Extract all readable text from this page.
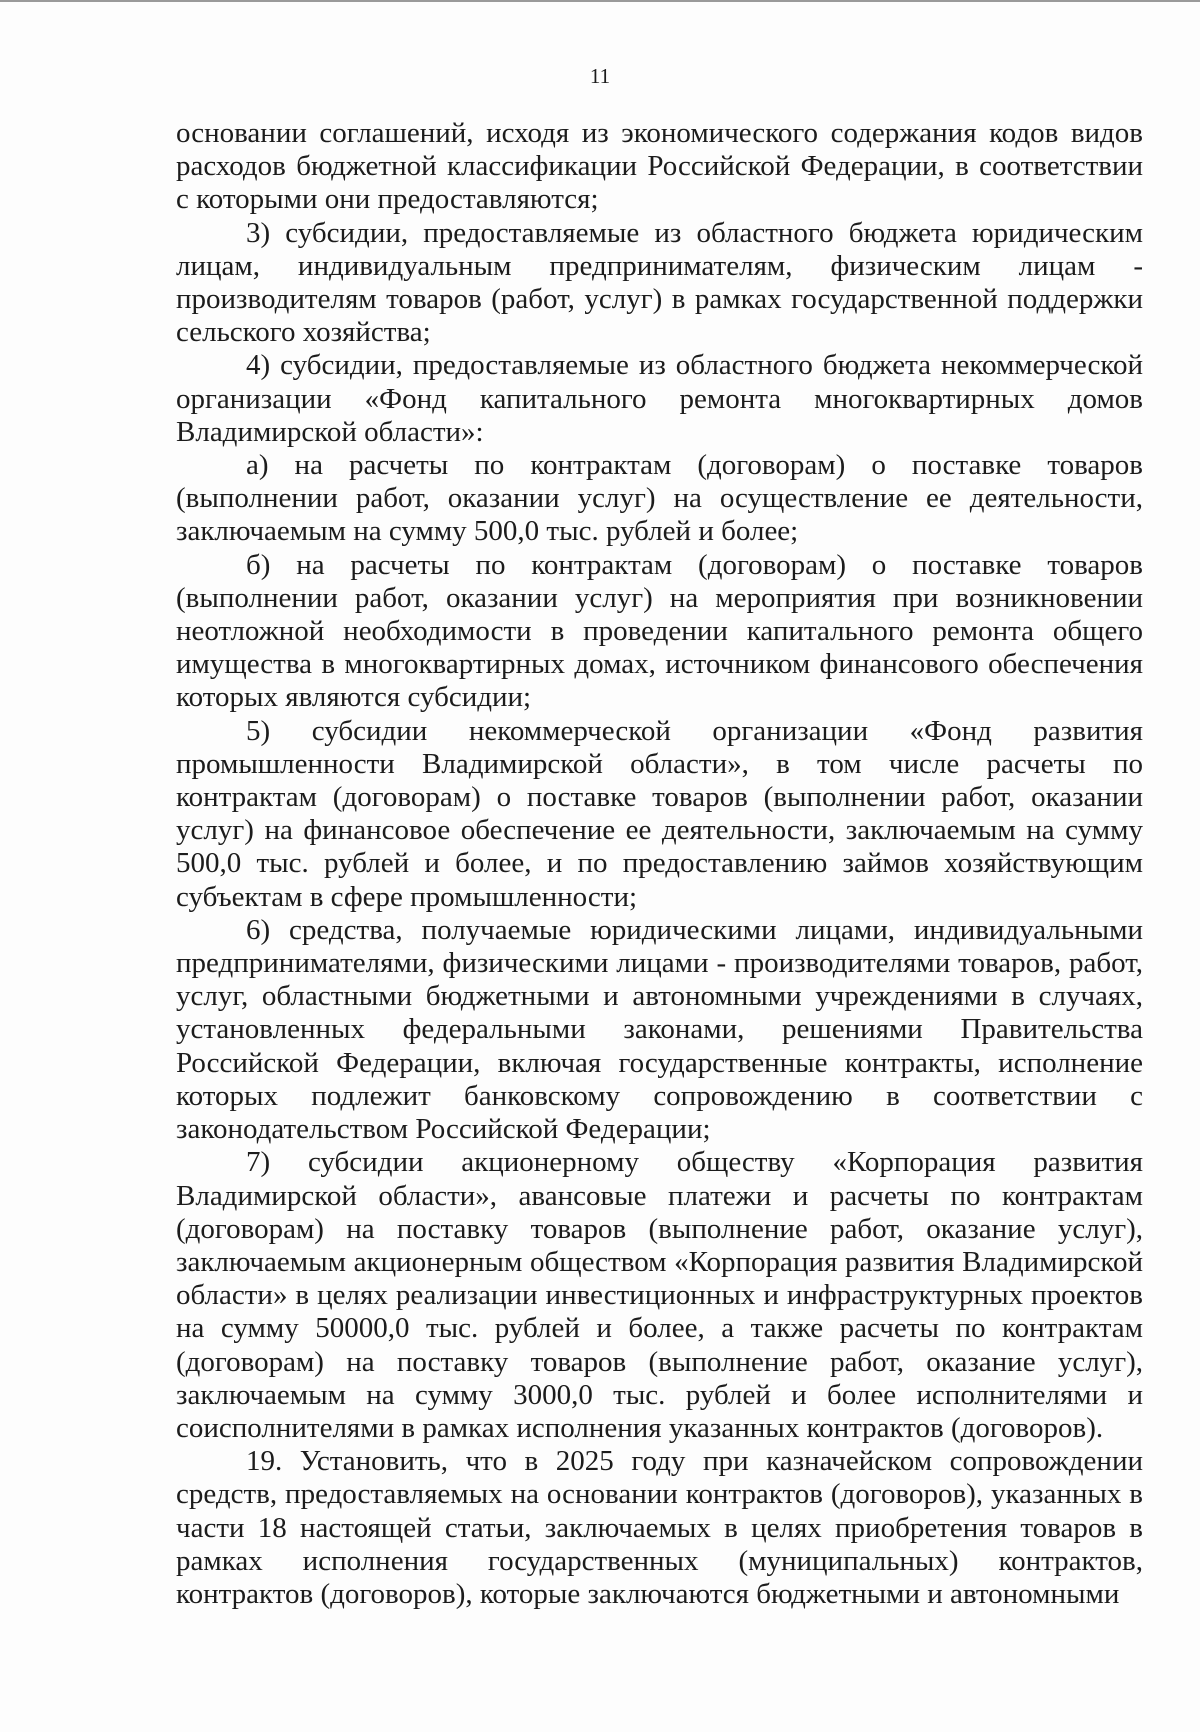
11

основании соглашений, исходя из экономического содержания кодов видов расходов бюджетной классификации Российской Федерации, в соответствии с которыми они предоставляются;

3) субсидии, предоставляемые из областного бюджета юридическим лицам, индивидуальным предпринимателям, физическим лицам - производителям товаров (работ, услуг) в рамках государственной поддержки сельского хозяйства;

4) субсидии, предоставляемые из областного бюджета некоммерческой организации «Фонд капитального ремонта многоквартирных домов Владимирской области»:

а) на расчеты по контрактам (договорам) о поставке товаров (выполнении работ, оказании услуг) на осуществление ее деятельности, заключаемым на сумму 500,0 тыс. рублей и более;

б) на расчеты по контрактам (договорам) о поставке товаров (выполнении работ, оказании услуг) на мероприятия при возникновении неотложной необходимости в проведении капитального ремонта общего имущества в многоквартирных домах, источником финансового обеспечения которых являются субсидии;

5) субсидии некоммерческой организации «Фонд развития промышленности Владимирской области», в том числе расчеты по контрактам (договорам) о поставке товаров (выполнении работ, оказании услуг) на финансовое обеспечение ее деятельности, заключаемым на сумму 500,0 тыс. рублей и более, и по предоставлению займов хозяйствующим субъектам в сфере промышленности;

6) средства, получаемые юридическими лицами, индивидуальными предпринимателями, физическими лицами - производителями товаров, работ, услуг, областными бюджетными и автономными учреждениями в случаях, установленных федеральными законами, решениями Правительства Российской Федерации, включая государственные контракты, исполнение которых подлежит банковскому сопровождению в соответствии с законодательством Российской Федерации;

7) субсидии акционерному обществу «Корпорация развития Владимирской области», авансовые платежи и расчеты по контрактам (договорам) на поставку товаров (выполнение работ, оказание услуг), заключаемым акционерным обществом «Корпорация развития Владимирской области» в целях реализации инвестиционных и инфраструктурных проектов на сумму 50000,0 тыс. рублей и более, а также расчеты по контрактам (договорам) на поставку товаров (выполнение работ, оказание услуг), заключаемым на сумму 3000,0 тыс. рублей и более исполнителями и соисполнителями в рамках исполнения указанных контрактов (договоров).

19. Установить, что в 2025 году при казначейском сопровождении средств, предоставляемых на основании контрактов (договоров), указанных в части 18 настоящей статьи, заключаемых в целях приобретения товаров в рамках исполнения государственных (муниципальных) контрактов, контрактов (договоров), которые заключаются бюджетными и автономными
